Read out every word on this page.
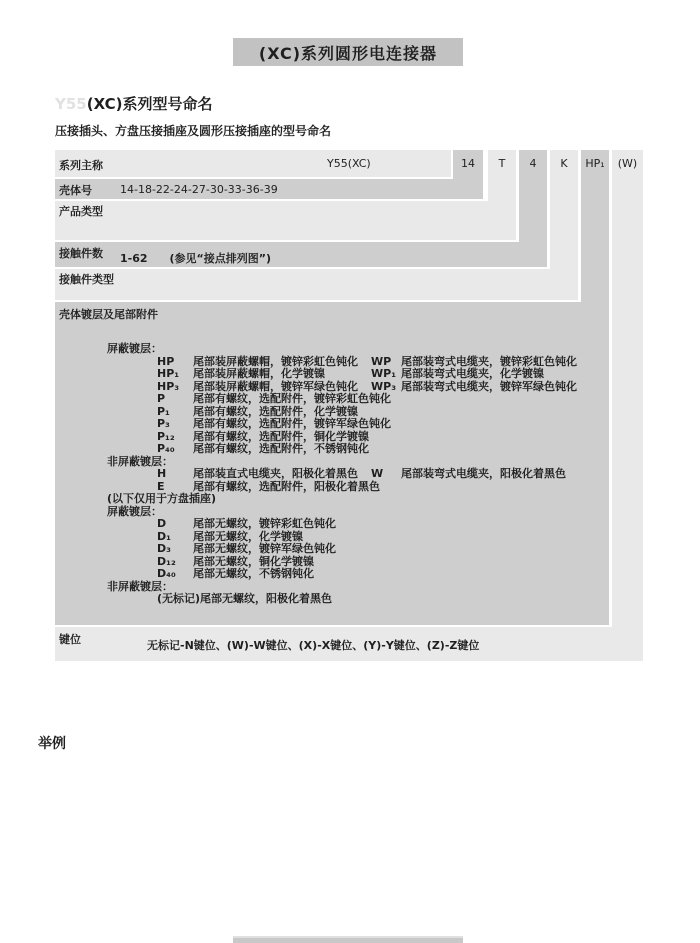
(XC)系列圆形电连接器
Y55(XC)系列型号命名
压接插头、方盘压接插座及圆形压接插座的型号命名
14	T	4	K	HP₁	(W)
系列主称	Y55(XC)
壳体号	14-18-22-24-27-30-33-36-39
产品类型
接触件数 1-62　　(参见“接点排列图”)
接触件类型
壳体镀层及尾部附件
屏蔽镀层：
HP 尾部装屏蔽螺帽，镀锌彩虹色钝化 WP 尾部装弯式电缆夹，镀锌彩虹色钝化
HP₁ 尾部装屏蔽螺帽，化学镀镍	WP₁ 尾部装弯式电缆夹，化学镀镍
HP₃ 尾部装屏蔽螺帽，镀锌军绿色钝化 WP₃ 尾部装弯式电缆夹，镀锌军绿色钝化
P	尾部有螺纹，选配附件，镀锌彩虹色钝化
P₁ 尾部有螺纹，选配附件，化学镀镍
P₃ 尾部有螺纹，选配附件，镀锌军绿色钝化
P₁₂ 尾部有螺纹，选配附件，铜化学镀镍
P₄₀ 尾部有螺纹，选配附件，不锈钢钝化
非屏蔽镀层：
H 尾部装直式电缆夹，阳极化着黑色 W 尾部装弯式电缆夹，阳极化着黑色
E	尾部有螺纹，选配附件，阳极化着黑色
(以下仅用于方盘插座)
屏蔽镀层：
D 尾部无螺纹，镀锌彩虹色钝化
D₁ 尾部无螺纹，化学镀镍
D₃ 尾部无螺纹，镀锌军绿色钝化
D₁₂ 尾部无螺纹，铜化学镀镍
D₄₀ 尾部无螺纹，不锈钢钝化
非屏蔽镀层：
(无标记)尾部无螺纹，阳极化着黑色
键位	无标记-N键位、(W)-W键位、(X)-X键位、(Y)-Y键位、(Z)-Z键位
举例
